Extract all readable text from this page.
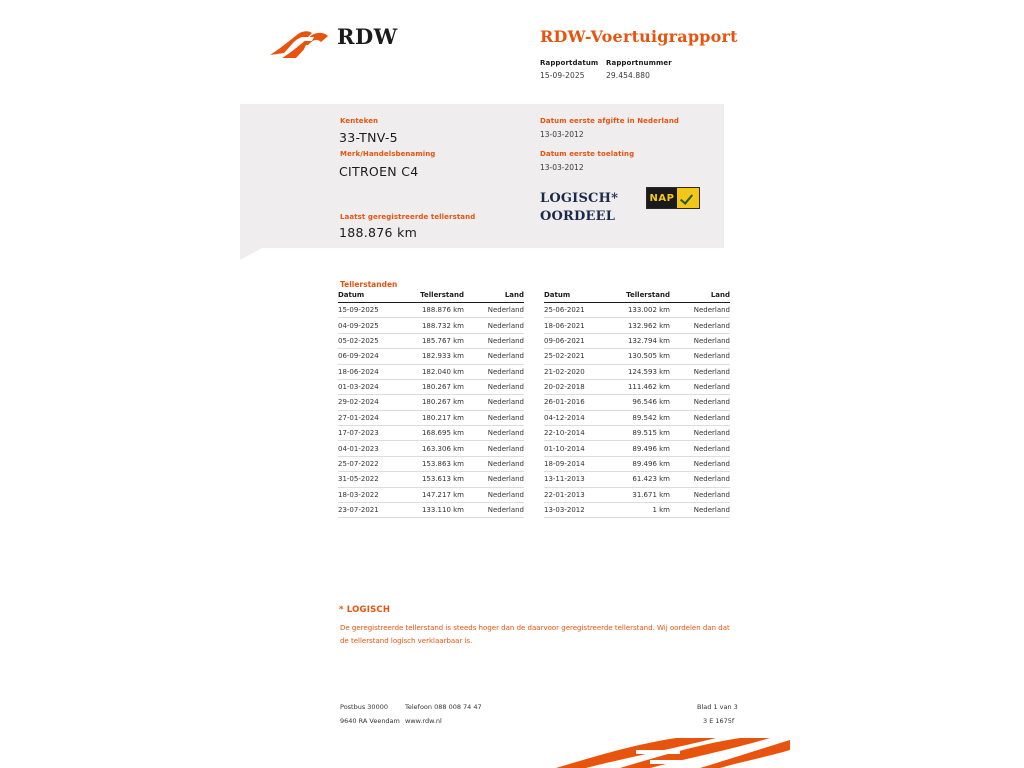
RDW	RDW-Voertuigrapport
Rapportdatum
15-09-2025
Rapportnummer
29.454.880
Kenteken
33-TNV-5
Merk/Handelsbenaming
CITROEN C4
Laatst geregistreerde tellerstand
188.876 km
Datum eerste afgifte in Nederland
13-03-2012
Datum eerste toelating
13-03-2012
LOGISCH*
OORDEEL
NAP
Tellerstanden
Datum	Tellerstand	Land
15-09-2025	188.876 km	Nederland
04-09-2025	188.732 km	Nederland
05-02-2025	185.767 km	Nederland
06-09-2024	182.933 km	Nederland
18-06-2024	182.040 km	Nederland
01-03-2024	180.267 km	Nederland
29-02-2024	180.267 km	Nederland
27-01-2024	180.217 km	Nederland
17-07-2023	168.695 km	Nederland
04-01-2023	163.306 km	Nederland
25-07-2022	153.863 km	Nederland
31-05-2022	153.613 km	Nederland
18-03-2022	147.217 km	Nederland
23-07-2021	133.110 km	Nederland
Datum	Tellerstand	Land
25-06-2021	133.002 km	Nederland
18-06-2021	132.962 km	Nederland
09-06-2021	132.794 km	Nederland
25-02-2021	130.505 km	Nederland
21-02-2020	124.593 km	Nederland
20-02-2018	111.462 km	Nederland
26-01-2016	96.546 km	Nederland
04-12-2014	89.542 km	Nederland
22-10-2014	89.515 km	Nederland
01-10-2014	89.496 km	Nederland
18-09-2014	89.496 km	Nederland
13-11-2013	61.423 km	Nederland
22-01-2013	31.671 km	Nederland
13-03-2012	1 km	Nederland
* LOGISCH
De geregistreerde tellerstand is steeds hoger dan de daarvoor geregistreerde tellerstand. Wij oordelen dan dat de tellerstand logisch verklaarbaar is.
Postbus 30000
9640 RA Veendam
Telefoon 088 008 74 47
www.rdw.nl
Blad 1 van 3
3 E 1675f
